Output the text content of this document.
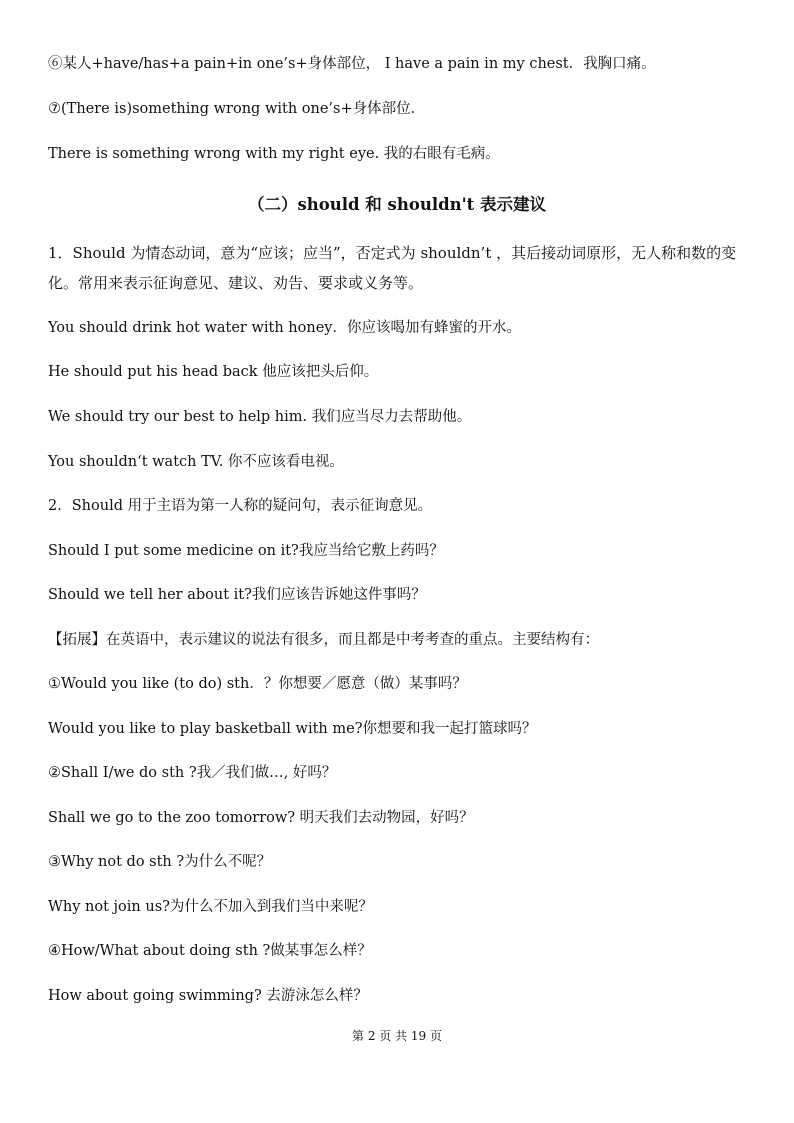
⑥某人+have/has+a pain+in one’s+身体部位， I have a pain in my chest．我胸口痛。
⑦(There is)something wrong with one’s+身体部位．
There is something wrong with my right eye. 我的右眼有毛病。
（二）should 和 shouldn't 表示建议
1．Should 为情态动词，意为“应该；应当”，否定式为 shouldn’t ，其后接动词原形，无人称和数的变化。常用来表示征询意见、建议、劝告、要求或义务等。
You should drink hot water with honey．你应该喝加有蜂蜜的开水。
He should put his head back 他应该把头后仰。
We should try our best to help him. 我们应当尽力去帮助他。
You shouldn‘t watch TV. 你不应该看电视。
2．Should 用于主语为第一人称的疑问句，表示征询意见。
Should I put some medicine on it?我应当给它敷上药吗？
Should we tell her about it?我们应该告诉她这件事吗？
【拓展】在英语中，表示建议的说法有很多，而且都是中考考查的重点。主要结构有：
①Would you like (to do) sth．？你想要／愿意（做）某事吗？
Would you like to play basketball with me?你想要和我一起打篮球吗？
②Shall I/we do sth ?我／我们做…, 好吗？
Shall we go to the zoo tomorrow? 明天我们去动物园，好吗？
③Why not do sth ?为什么不呢？
Why not join us?为什么不加入到我们当中来呢？
④How/What about doing sth ?做某事怎么样？
How about going swimming? 去游泳怎么样？
第 2 页 共 19 页
